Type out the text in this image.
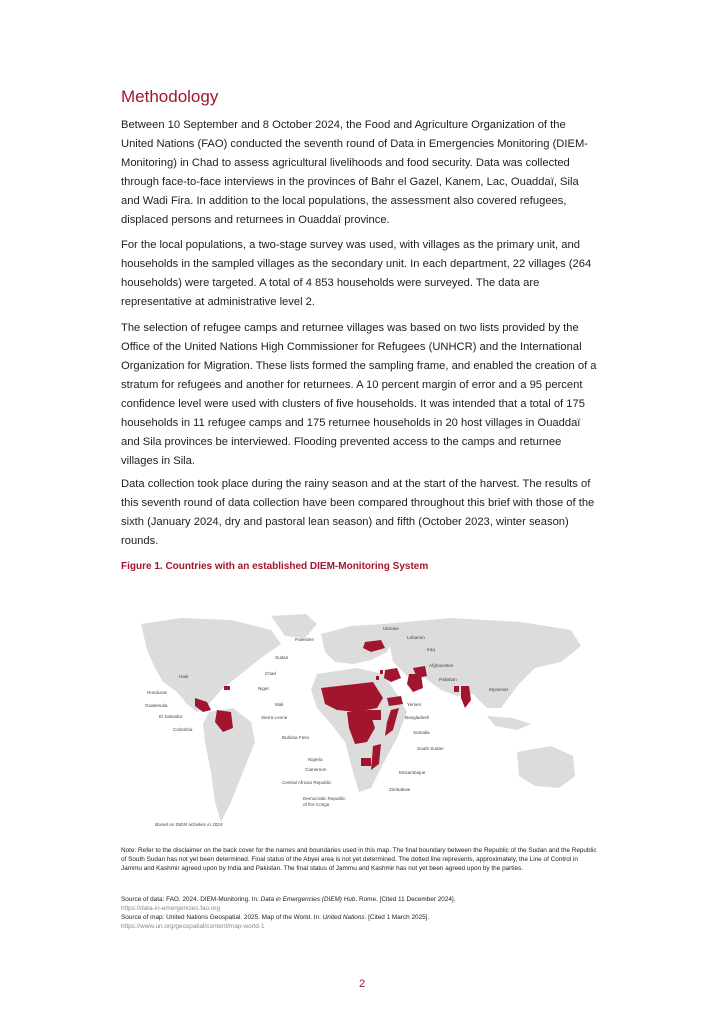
Methodology

Between 10 September and 8 October 2024, the Food and Agriculture Organization of the United Nations (FAO) conducted the seventh round of Data in Emergencies Monitoring (DIEM-Monitoring) in Chad to assess agricultural livelihoods and food security. Data was collected through face-to-face interviews in the provinces of Bahr el Gazel, Kanem, Lac, Ouaddaï, Sila and Wadi Fira. In addition to the local populations, the assessment also covered refugees, displaced persons and returnees in Ouaddaï province.

For the local populations, a two-stage survey was used, with villages as the primary unit, and households in the sampled villages as the secondary unit. In each department, 22 villages (264 households) were targeted. A total of 4 853 households were surveyed. The data are representative at administrative level 2.

The selection of refugee camps and returnee villages was based on two lists provided by the Office of the United Nations High Commissioner for Refugees (UNHCR) and the International Organization for Migration. These lists formed the sampling frame, and enabled the creation of a stratum for refugees and another for returnees. A 10 percent margin of error and a 95 percent confidence level were used with clusters of five households. It was intended that a total of 175 households in 11 refugee camps and 175 returnee households in 20 host villages in Ouaddaï and Sila provinces be interviewed. Flooding prevented access to the camps and returnee villages in Sila.

Data collection took place during the rainy season and at the start of the harvest. The results of this seventh round of data collection have been compared throughout this brief with those of the sixth (January 2024, dry and pastoral lean season) and fifth (October 2023, winter season) rounds.

Figure 1. Countries with an established DIEM-Monitoring System

Ukraine
Lebanon
Palestine
Iraq
Sudan
Afghanistan
Chad
Haiti
Pakistan
Niger	Myanmar
Honduras
Mali	Yemen
Guatemala
El Salvador	Sierra Leone	Bangladesh
Colombia
Somalia
Burkina Faso
South Sudan
Nigeria
Cameroon
Mozambique
Central African Republic
Zimbabwe
Democratic Republic
of the Congo
Based on DIEM activities in 2024

Note: Refer to the disclaimer on the back cover for the names and boundaries used in this map. The final boundary between the Republic of the Sudan and the Republic of South Sudan has not yet been determined. Final status of the Abyei area is not yet determined. The dotted line represents, approximately, the Line of Control in Jammu and Kashmir agreed upon by India and Pakistan. The final status of Jammu and Kashmir has not yet been agreed upon by the parties.

Source of data: FAO. 2024. DIEM-Monitoring. In: Data in Emergencies (DIEM) Hub. Rome. [Cited 11 December 2024].

https://data-in-emergencies.fao.org

Source of map: United Nations Geospatial. 2025. Map of the World. In: United Nations. [Cited 1 March 2025].

https://www.un.org/geospatial/content/map-world-1

2
